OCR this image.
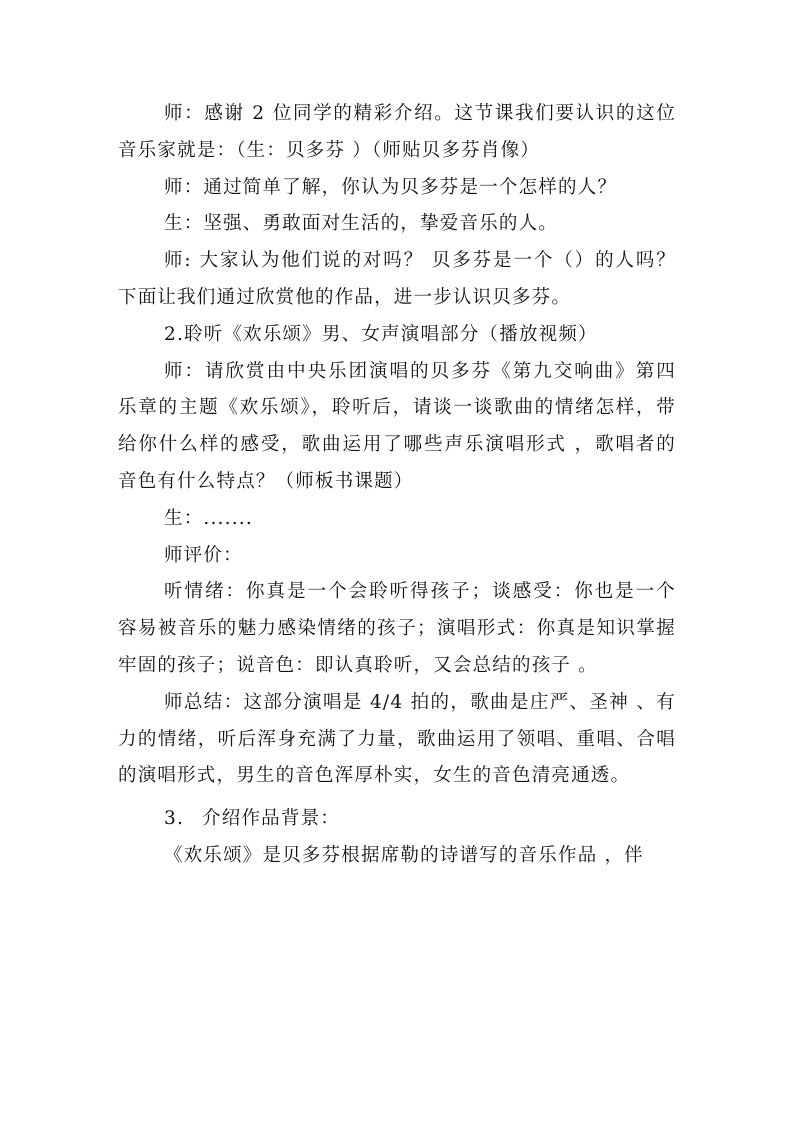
师：感谢 2 位同学的精彩介绍。这节课我们要认识的这位音乐家就是：（生：贝多芬 ）（师贴贝多芬肖像）

师：通过简单了解，你认为贝多芬是一个怎样的人？

生：坚强、勇敢面对生活的，挚爱音乐的人。

师: 大家认为他们说的对吗？ 贝多芬是一个（）的人吗？下面让我们通过欣赏他的作品，进一步认识贝多芬。

2.聆听《欢乐颂》男、女声演唱部分（播放视频）

师：请欣赏由中央乐团演唱的贝多芬《第九交响曲》第四乐章的主题《欢乐颂》，聆听后，请谈一谈歌曲的情绪怎样，带给你什么样的感受，歌曲运用了哪些声乐演唱形式 ，歌唱者的音色有什么特点？（师板书课题）

生：.......

师评价：

听情绪：你真是一个会聆听得孩子；谈感受：你也是一个容易被音乐的魅力感染情绪的孩子；演唱形式：你真是知识掌握牢固的孩子；说音色：即认真聆听，又会总结的孩子 。

师总结：这部分演唱是 4/4 拍的，歌曲是庄严、圣神 、有力的情绪，听后浑身充满了力量，歌曲运用了领唱、重唱、合唱的演唱形式，男生的音色浑厚朴实，女生的音色清亮通透。

3. 介绍作品背景：

《欢乐颂》是贝多芬根据席勒的诗谱写的音乐作品 ，伴
